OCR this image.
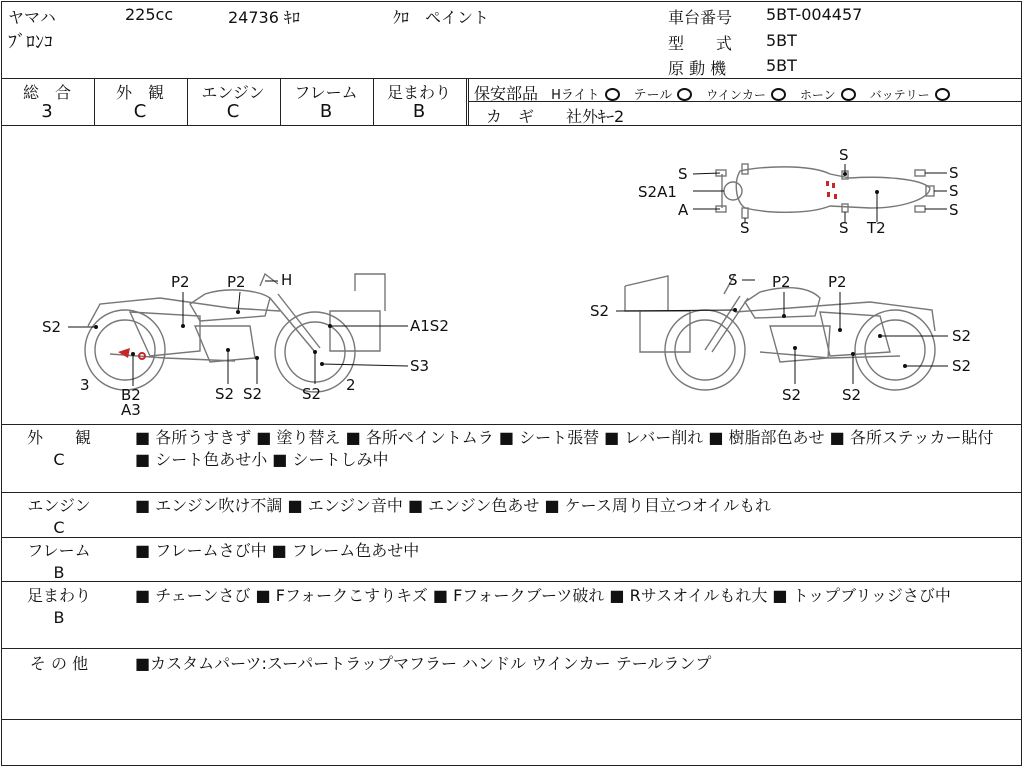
ヤマハ	225cc	24736 ｷﾛ	ｸﾛ　ペイント
ﾌﾞﾛﾝｺ
車台番号 5BT-004457
型　　式 5BT
原 動 機 5BT
総　合
3
外　観
C
エンジン
C
フレーム
B
足まわり
B
保安部品 Hライト	テール	ウインカー	ホーン	バッテリー
カ　ギ 社外ｷｰ2
S
S2A1
A
S
S
S
S
S
S T2
P2 P2 H
S2	A1S2
S3
3
B2
A3
S2 S2	S2 2
S P2 P2
S2
S2
S2
S2	S2
外　　観
C
■ 各所うすきず ■ 塗り替え ■ 各所ペイントムラ ■ シート張替 ■ レバー削れ ■ 樹脂部色あせ ■ 各所ステッカー貼付 ■ シート色あせ小 ■ シートしみ中
エンジン
C
■ エンジン吹け不調 ■ エンジン音中 ■ エンジン色あせ ■ ケース周り目立つオイルもれ
フレーム
B
■ フレームさび中 ■ フレーム色あせ中
足まわり
B
■ チェーンさび ■ Fフォークこすりキズ ■ Fフォークブーツ破れ ■ Rサスオイルもれ大 ■ トップブリッジさび中
そ の 他	■カスタムパーツ:スーパートラップマフラー ハンドル ウインカー テールランプ
